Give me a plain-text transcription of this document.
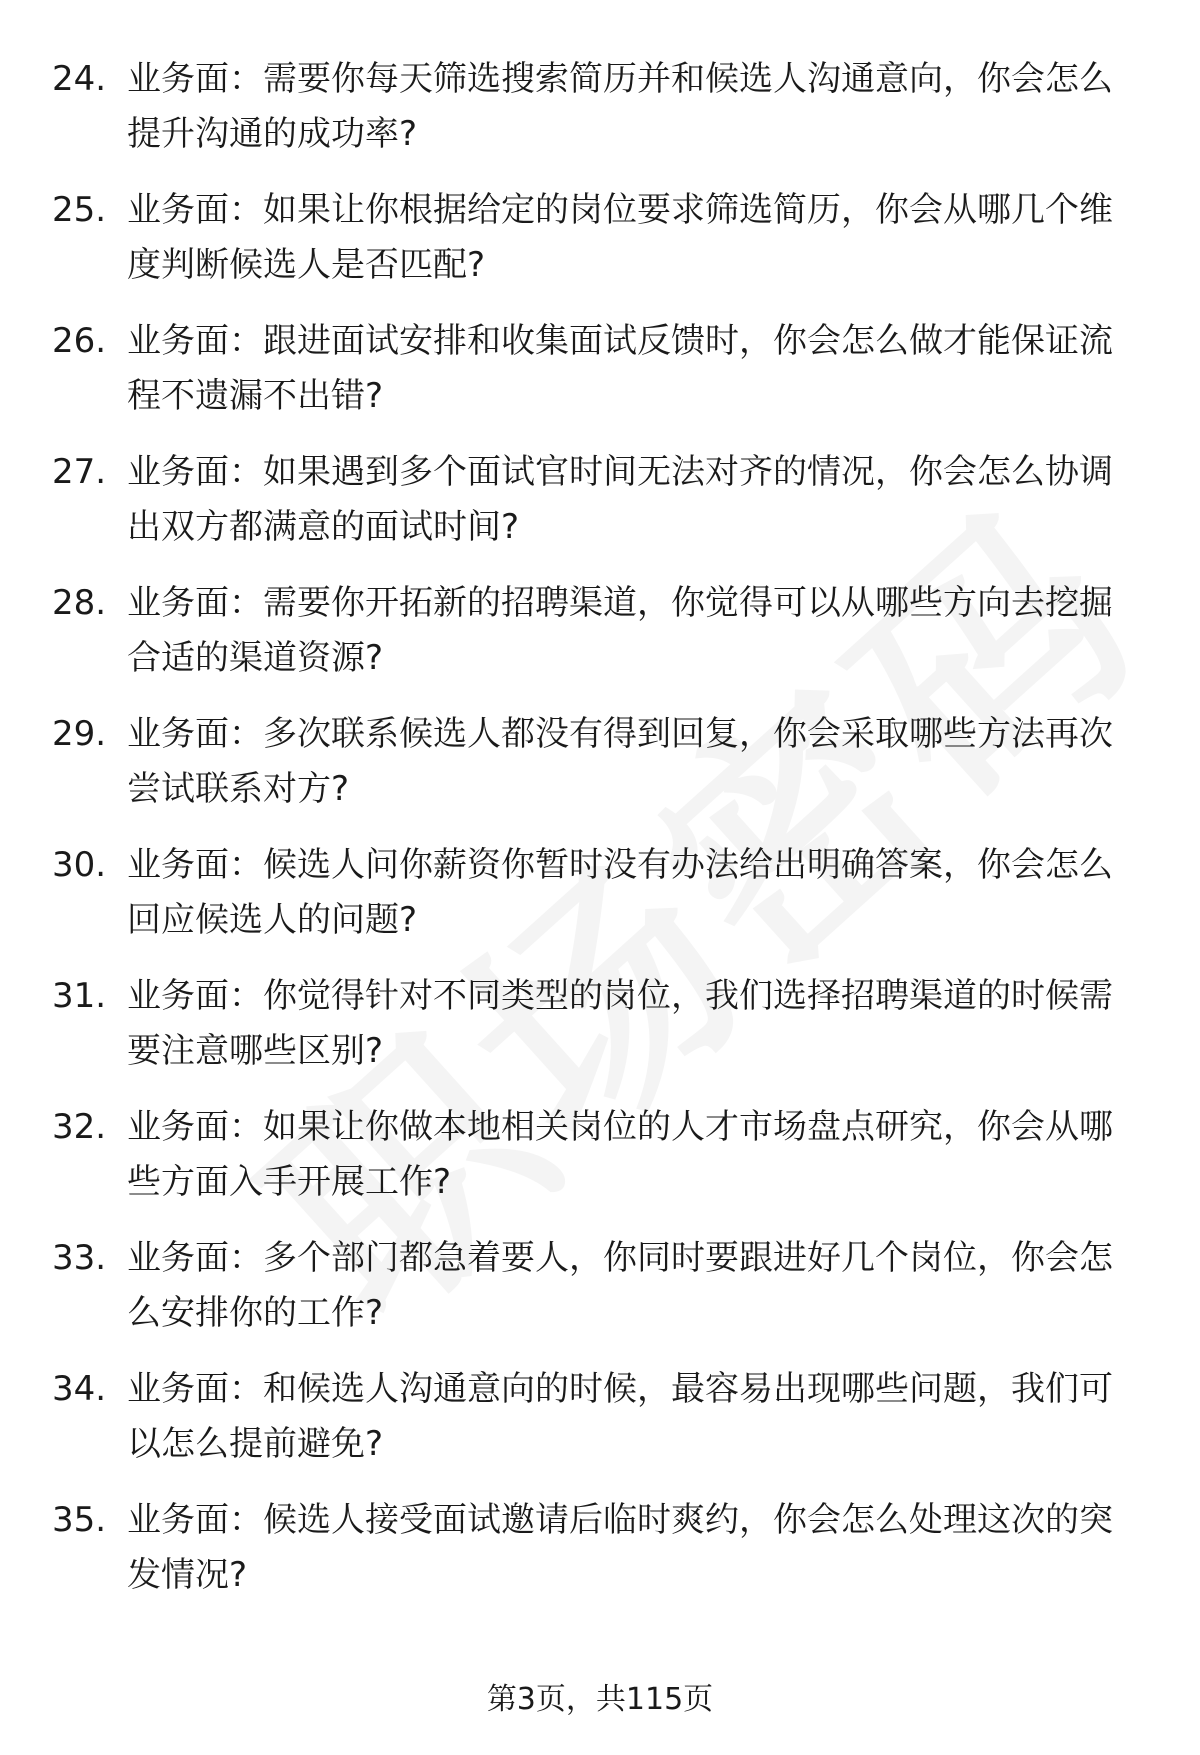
24. 业务面：需要你每天筛选搜索简历并和候选人沟通意向，你会怎么提升沟通的成功率?
25. 业务面：如果让你根据给定的岗位要求筛选简历，你会从哪几个维度判断候选人是否匹配?
26. 业务面：跟进面试安排和收集面试反馈时，你会怎么做才能保证流程不遗漏不出错?
27. 业务面：如果遇到多个面试官时间无法对齐的情况，你会怎么协调出双方都满意的面试时间?
28. 业务面：需要你开拓新的招聘渠道，你觉得可以从哪些方向去挖掘合适的渠道资源?
29. 业务面：多次联系候选人都没有得到回复，你会采取哪些方法再次尝试联系对方?
30. 业务面：候选人问你薪资你暂时没有办法给出明确答案，你会怎么回应候选人的问题?
31. 业务面：你觉得针对不同类型的岗位，我们选择招聘渠道的时候需要注意哪些区别?
32. 业务面：如果让你做本地相关岗位的人才市场盘点研究，你会从哪些方面入手开展工作?
33. 业务面：多个部门都急着要人，你同时要跟进好几个岗位，你会怎么安排你的工作?
34. 业务面：和候选人沟通意向的时候，最容易出现哪些问题，我们可以怎么提前避免?
35. 业务面：候选人接受面试邀请后临时爽约，你会怎么处理这次的突发情况?
第3页，共115页
